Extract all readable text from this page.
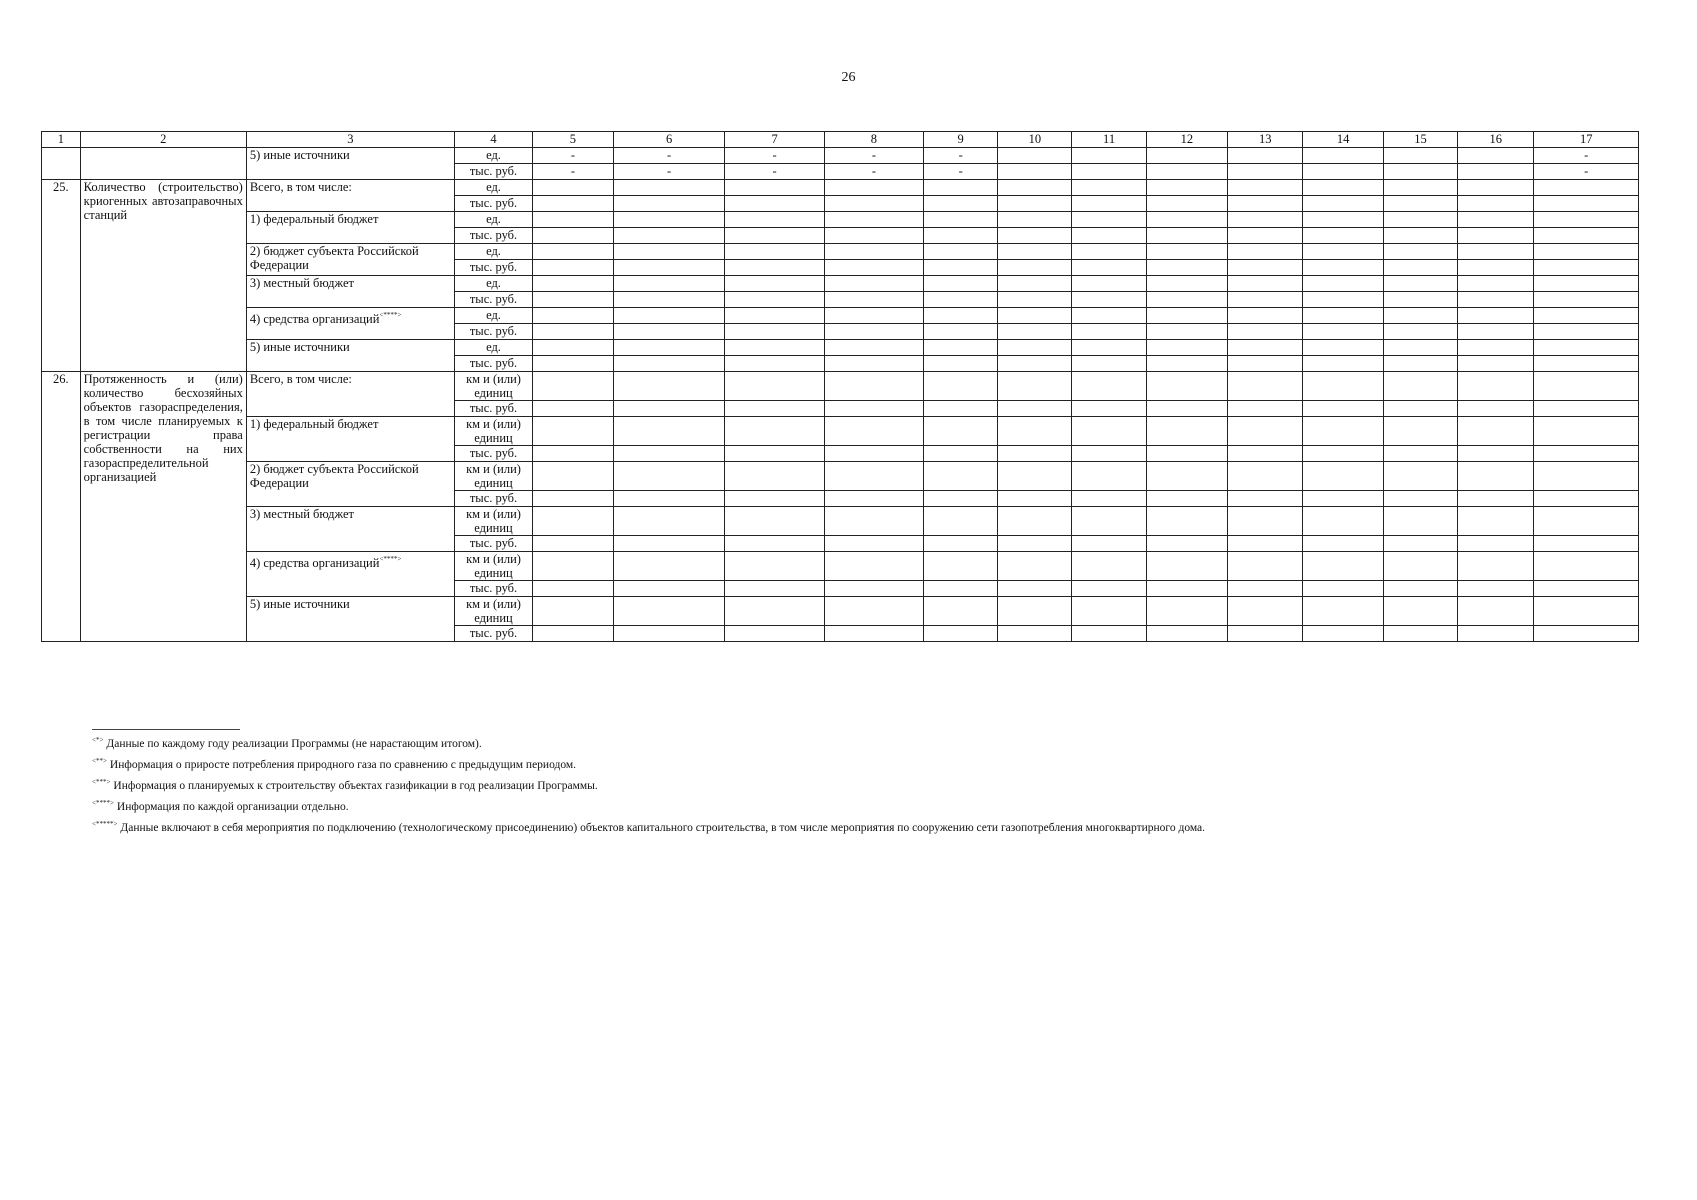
26
1	2	3	4	5	6	7	8	9	10	11	12	13	14	15	16	17
		5) иные источники	ед.	-	-	-	-	-								-
			тыс. руб.	-	-	-	-	-								-
25.	Количество (строительство) криогенных автозаправочных станций	Всего, в том числе:	ед.													
			тыс. руб.													
		1) федеральный бюджет	ед.													
			тыс. руб.													
		2) бюджет субъекта Российской Федерации	ед.													
			тыс. руб.													
		3) местный бюджет	ед.													
			тыс. руб.													
		4) средства организаций<****>	ед.													
			тыс. руб.													
		5) иные источники	ед.													
			тыс. руб.													
26.	Протяженность и (или) количество бесхозяйных объектов газораспределения, в том числе планируемых к регистрации права собственности на них газораспределительной организацией	Всего, в том числе:	км и (или) единиц													
			тыс. руб.													
		1) федеральный бюджет	км и (или) единиц													
			тыс. руб.													
		2) бюджет субъекта Российской Федерации	км и (или) единиц													
			тыс. руб.													
		3) местный бюджет	км и (или) единиц													
			тыс. руб.													
		4) средства организаций<****>	км и (или) единиц													
			тыс. руб.													
		5) иные источники	км и (или) единиц													
			тыс. руб.													
<*> Данные по каждому году реализации Программы (не нарастающим итогом).
<**> Информация о приросте потребления природного газа по сравнению с предыдущим периодом.
<***> Информация о планируемых к строительству объектах газификации в год реализации Программы.
<****> Информация по каждой организации отдельно.
<*****> Данные включают в себя мероприятия по подключению (технологическому присоединению) объектов капитального строительства, в том числе мероприятия по сооружению сети газопотребления многоквартирного дома.
